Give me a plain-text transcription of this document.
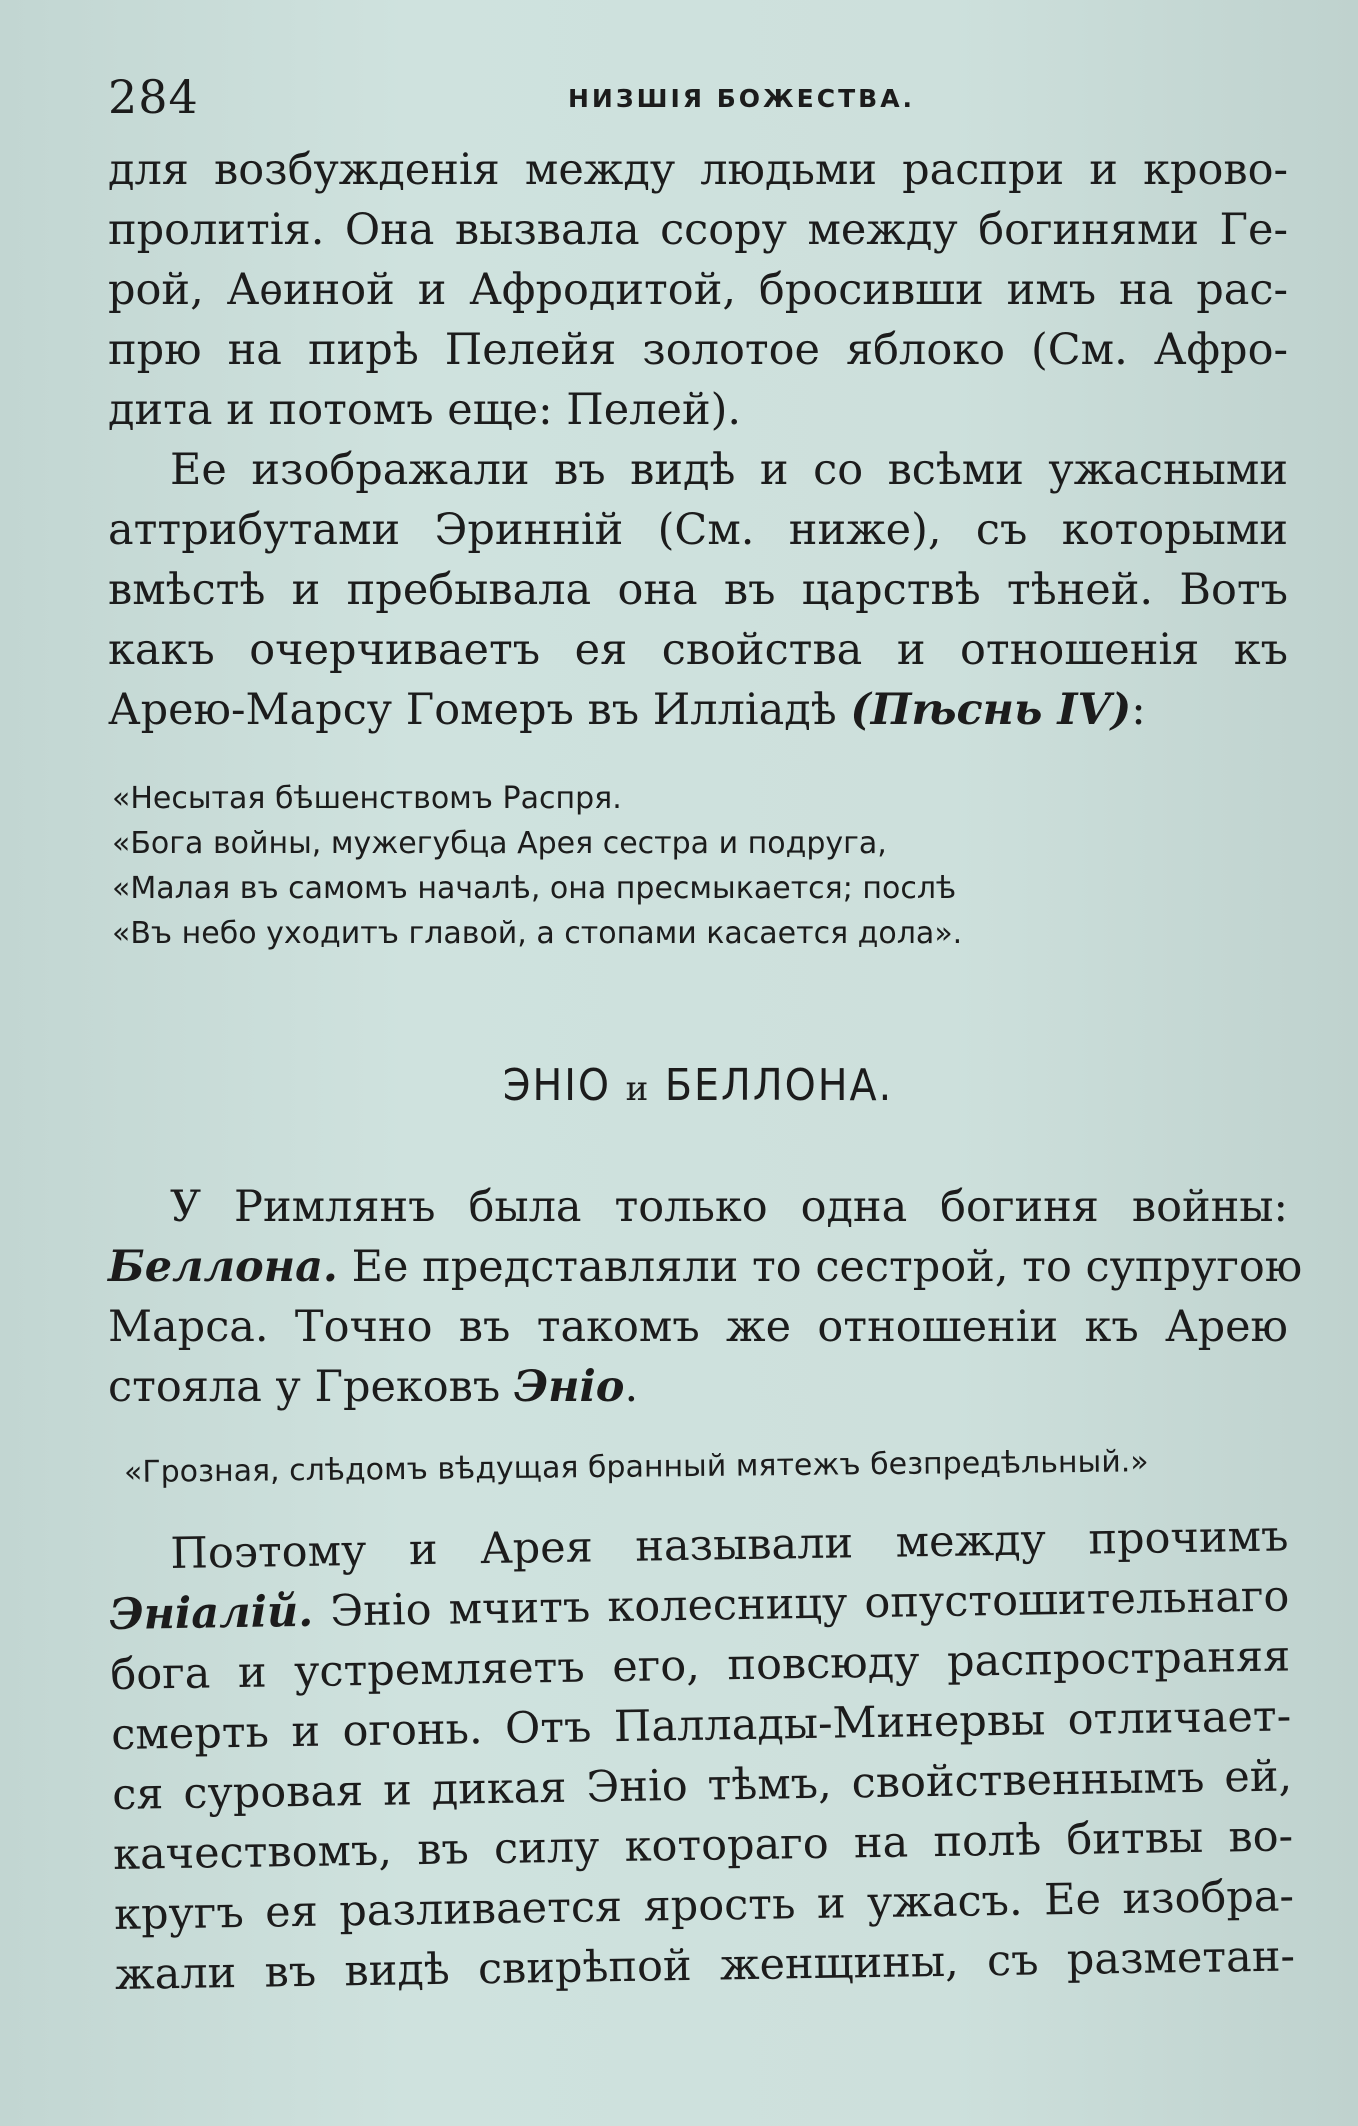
284	НИЗШІЯ БОЖЕСТВА.
для возбужденія между людьми распри и крово-
пролитія. Она вызвала ссору между богинями Ге-
рой, Аѳиной и Афродитой, бросивши имъ на рас-
прю на пирѣ Пелейя золотое яблоко (См. Афро-
дита и потомъ еще: Пелей).
Ее изображали въ видѣ и со всѣми ужасными
аттрибутами Эринній (См. ниже), съ которыми
вмѣстѣ и пребывала она въ царствѣ тѣней. Вотъ
какъ очерчиваетъ ея свойства и отношенія къ
Арею-Марсу Гомеръ въ Илліадѣ (Пѣснь IV):
«Несытая бѣшенствомъ Распря.
«Бога войны, мужегубца Арея сестра и подруга,
«Малая въ самомъ началѣ, она пресмыкается; послѣ
«Въ небо уходитъ главой, а стопами касается дола».
ЭНІО и БЕЛЛОНА.
У Римлянъ была только одна богиня войны:
Беллона. Ее представляли то сестрой, то супругою
Марса. Точно въ такомъ же отношеніи къ Арею
стояла у Грековъ Эніо.
«Грозная, слѣдомъ вѣдущая бранный мятежъ безпредѣльный.»
Поэтому и Арея называли между прочимъ
Эніалій. Эніо мчитъ колесницу опустошительнаго
бога и устремляетъ его, повсюду распространяя
смерть и огонь. Отъ Паллады-Минервы отличает-
ся суровая и дикая Эніо тѣмъ, свойственнымъ ей,
качествомъ, въ силу котораго на полѣ битвы во-
кругъ ея разливается ярость и ужасъ. Ее изобра-
жали въ видѣ свирѣпой женщины, съ разметан-
